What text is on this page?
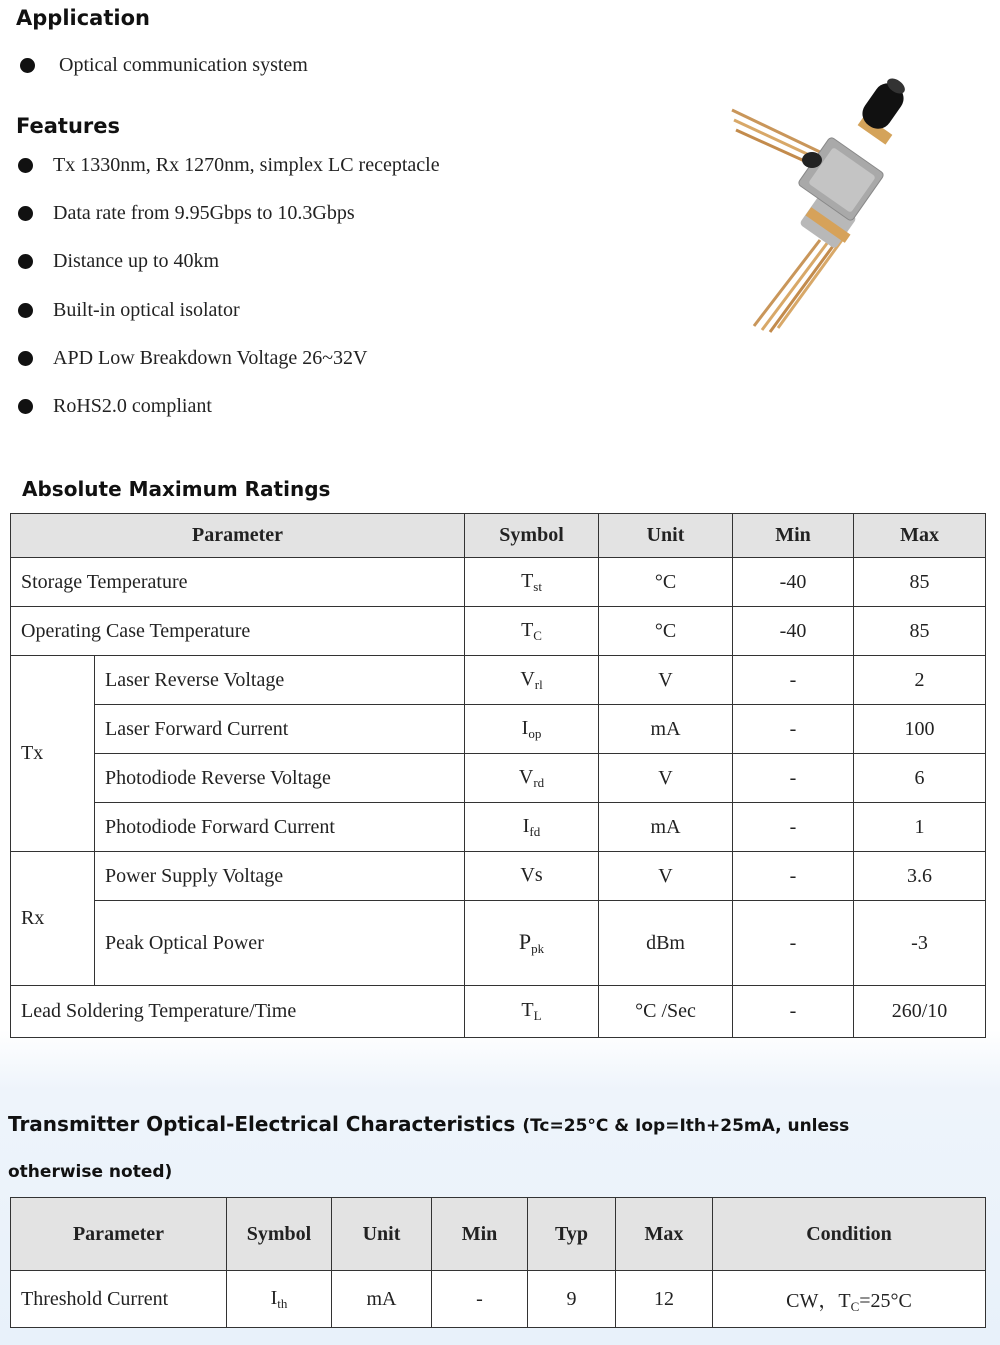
Application
Optical communication system
Features
Tx 1330nm, Rx 1270nm, simplex LC receptacle
Data rate from 9.95Gbps to 10.3Gbps
Distance up to 40km
Built-in optical isolator
APD Low Breakdown Voltage 26~32V
RoHS2.0 compliant
Absolute Maximum Ratings
Parameter		Symbol	Unit	Min	Max
Storage Temperature		$T_{st}$	°C	-40	85
Operating Case Temperature		$T_C$	°C	-40	85
Tx	Laser Reverse Voltage	$V_{rl}$	V	-	2
	Laser Forward Current	$I_{op}$	mA	-	100
	Photodiode Reverse Voltage	$V_{rd}$	V	-	6
	Photodiode Forward Current	$I_{fd}$	mA	-	1
Rx	Power Supply Voltage	Vs	V	-	3.6
	Peak Optical Power	$P_{pk}$	dBm	-	-3
Lead Soldering Temperature/Time		$T_L$	°C /Sec	-	260/10
Transmitter Optical-Electrical Characteristics (Tc=25°C & Iop=Ith+25mA, unless
otherwise noted)
Parameter	Symbol	Unit	Min	Typ	Max	Condition
Threshold Current	$I_{th}$	mA	-	9	12	CW，$T_C=25^\circ C$
